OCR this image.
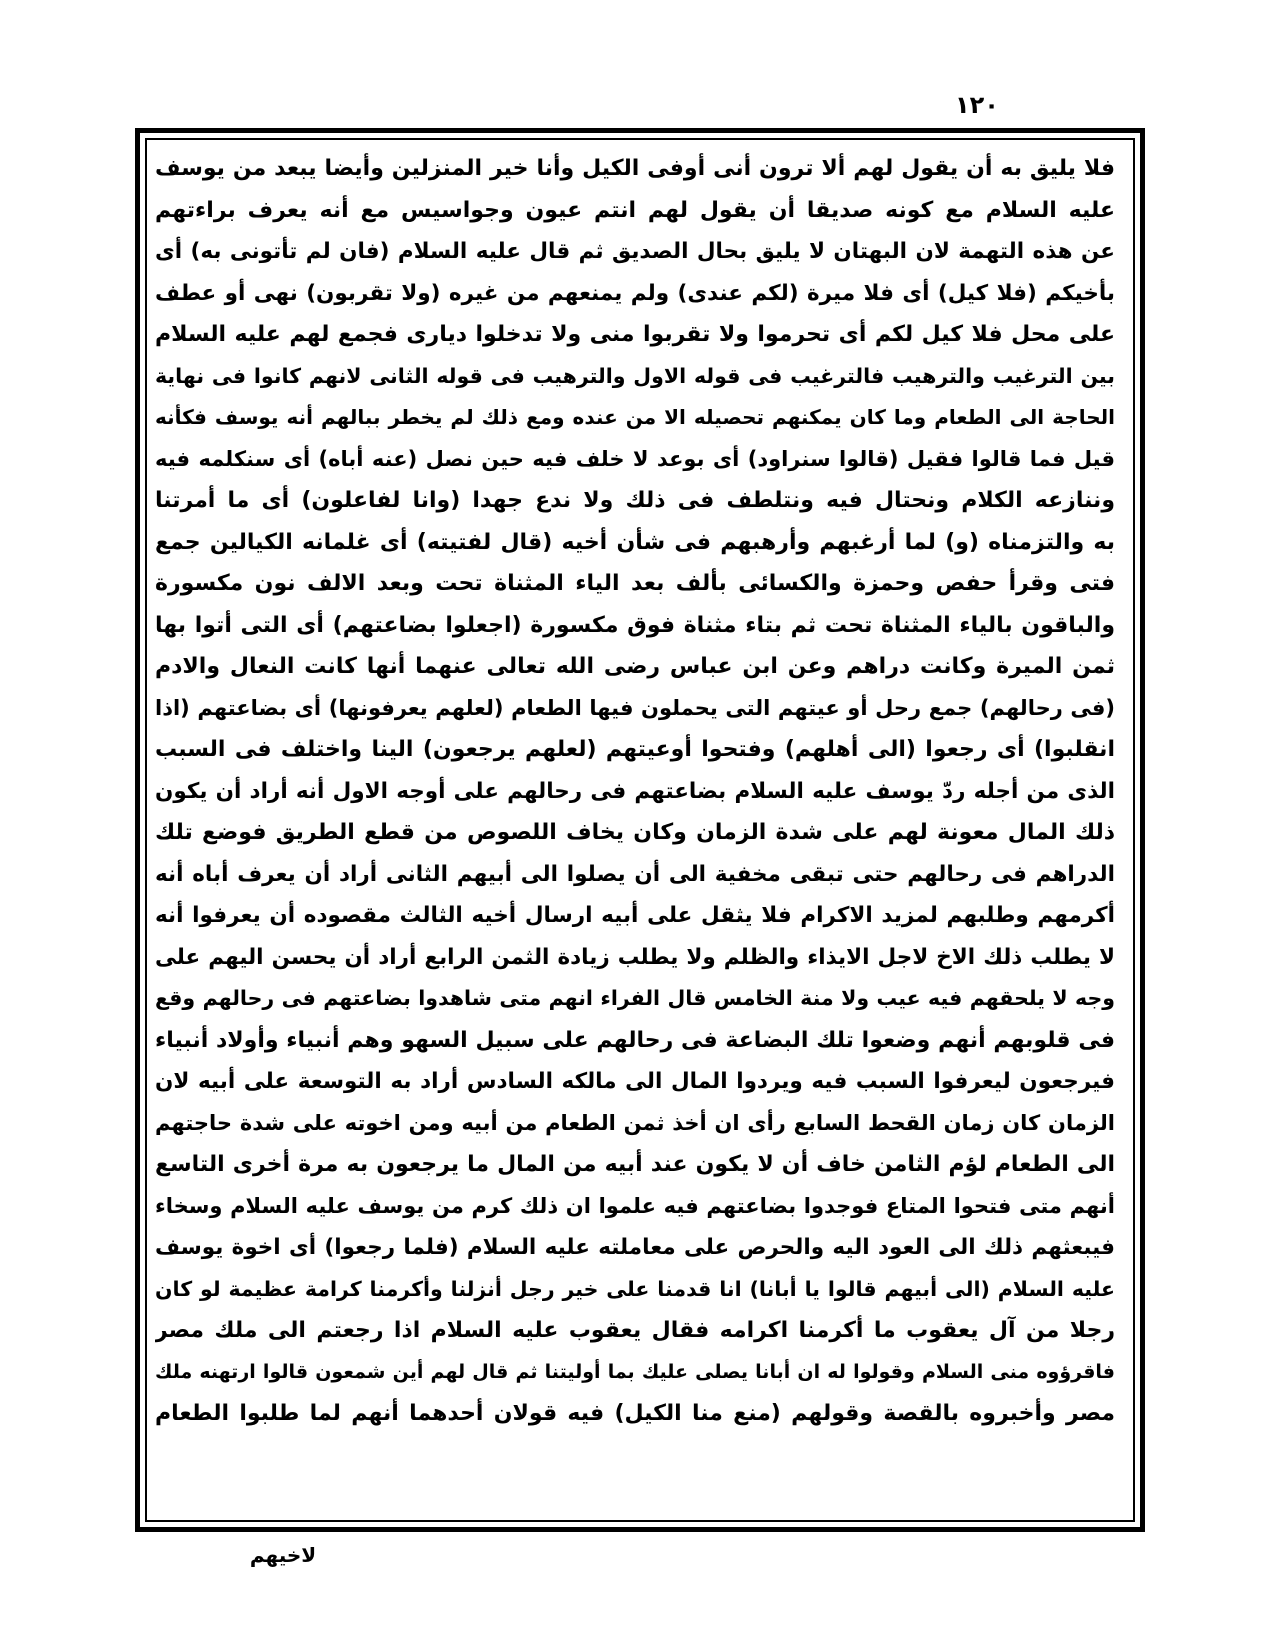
١٢٠
فلا يليق به أن يقول لهم ألا ترون أنى أوفى الكيل وأنا خير المنزلين وأيضا يبعد من يوسف
عليه السلام مع كونه صديقا أن يقول لهم انتم عيون وجواسيس مع أنه يعرف براءتهم
عن هذه التهمة لان البهتان لا يليق بحال الصديق ثم قال عليه السلام (فان لم تأتونى به) أى
بأخيكم (فلا كيل) أى فلا ميرة (لكم عندى) ولم يمنعهم من غيره (ولا تقربون) نهى أو عطف
على محل فلا كيل لكم أى تحرموا ولا تقربوا منى ولا تدخلوا ديارى فجمع لهم عليه السلام
بين الترغيب والترهيب فالترغيب فى قوله الاول والترهيب فى قوله الثانى لانهم كانوا فى نهاية
الحاجة الى الطعام وما كان يمكنهم تحصيله الا من عنده ومع ذلك لم يخطر ببالهم أنه يوسف فكأنه
قيل فما قالوا فقيل (قالوا سنراود) أى بوعد لا خلف فيه حين نصل (عنه أباه) أى سنكلمه فيه
وننازعه الكلام ونحتال فيه ونتلطف فى ذلك ولا ندع جهدا (وانا لفاعلون) أى ما أمرتنا
به والتزمناه (و) لما أرغبهم وأرهبهم فى شأن أخيه (قال لفتيته) أى غلمانه الكيالين جمع
فتى وقرأ حفص وحمزة والكسائى بألف بعد الياء المثناة تحت وبعد الالف نون مكسورة
والباقون بالياء المثناة تحت ثم بتاء مثناة فوق مكسورة (اجعلوا بضاعتهم) أى التى أتوا بها
ثمن الميرة وكانت دراهم وعن ابن عباس رضى الله تعالى عنهما أنها كانت النعال والادم
(فى رحالهم) جمع رحل أو عيتهم التى يحملون فيها الطعام (لعلهم يعرفونها) أى بضاعتهم (اذا
انقلبوا) أى رجعوا (الى أهلهم) وفتحوا أوعيتهم (لعلهم يرجعون) الينا واختلف فى السبب
الذى من أجله ردّ يوسف عليه السلام بضاعتهم فى رحالهم على أوجه الاول أنه أراد أن يكون
ذلك المال معونة لهم على شدة الزمان وكان يخاف اللصوص من قطع الطريق فوضع تلك
الدراهم فى رحالهم حتى تبقى مخفية الى أن يصلوا الى أبيهم الثانى أراد أن يعرف أباه أنه
أكرمهم وطلبهم لمزيد الاكرام فلا يثقل على أبيه ارسال أخيه الثالث مقصوده أن يعرفوا أنه
لا يطلب ذلك الاخ لاجل الايذاء والظلم ولا يطلب زيادة الثمن الرابع أراد أن يحسن اليهم على
وجه لا يلحقهم فيه عيب ولا منة الخامس قال الفراء انهم متى شاهدوا بضاعتهم فى رحالهم وقع
فى قلوبهم أنهم وضعوا تلك البضاعة فى رحالهم على سبيل السهو وهم أنبياء وأولاد أنبياء
فيرجعون ليعرفوا السبب فيه ويردوا المال الى مالكه السادس أراد به التوسعة على أبيه لان
الزمان كان زمان القحط السابع رأى ان أخذ ثمن الطعام من أبيه ومن اخوته على شدة حاجتهم
الى الطعام لؤم الثامن خاف أن لا يكون عند أبيه من المال ما يرجعون به مرة أخرى التاسع
أنهم متى فتحوا المتاع فوجدوا بضاعتهم فيه علموا ان ذلك كرم من يوسف عليه السلام وسخاء
فيبعثهم ذلك الى العود اليه والحرص على معاملته عليه السلام (فلما رجعوا) أى اخوة يوسف
عليه السلام (الى أبيهم قالوا يا أبانا) انا قدمنا على خير رجل أنزلنا وأكرمنا كرامة عظيمة لو كان
رجلا من آل يعقوب ما أكرمنا اكرامه فقال يعقوب عليه السلام اذا رجعتم الى ملك مصر
فاقرؤوه منى السلام وقولوا له ان أبانا يصلى عليك بما أوليتنا ثم قال لهم أين شمعون قالوا ارتهنه ملك
مصر وأخبروه بالقصة وقولهم (منع منا الكيل) فيه قولان أحدهما أنهم لما طلبوا الطعام
لاخيهم
